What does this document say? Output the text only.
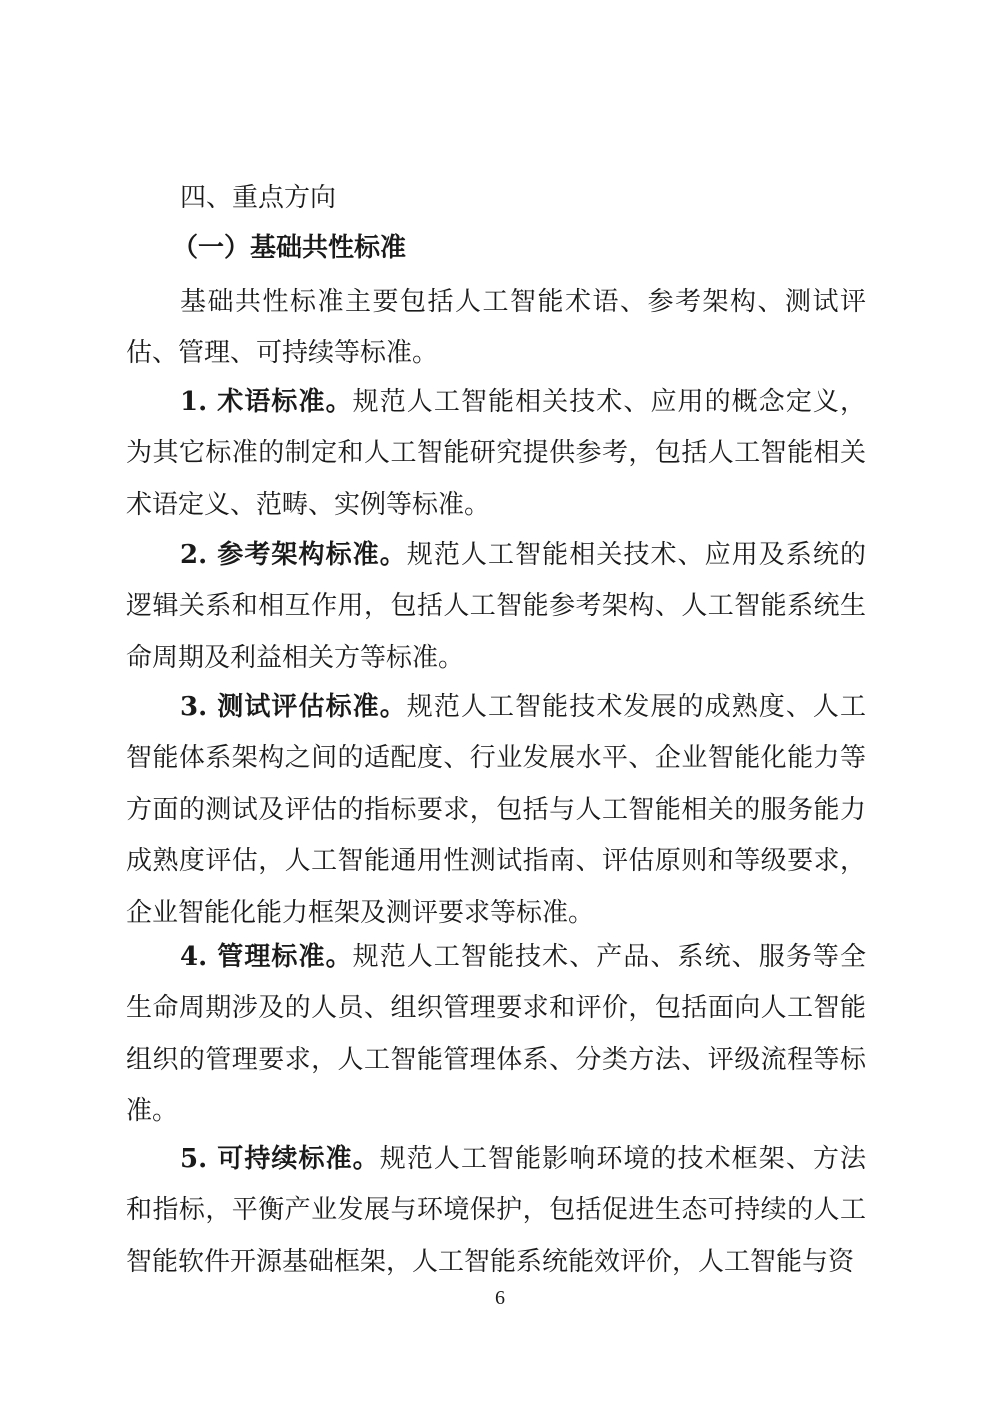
四、重点方向
（一）基础共性标准

基础共性标准主要包括人工智能术语、参考架构、测试评估、管理、可持续等标准。

1. 术语标准。规范人工智能相关技术、应用的概念定义，为其它标准的制定和人工智能研究提供参考，包括人工智能相关术语定义、范畴、实例等标准。

2. 参考架构标准。规范人工智能相关技术、应用及系统的逻辑关系和相互作用，包括人工智能参考架构、人工智能系统生命周期及利益相关方等标准。

3. 测试评估标准。规范人工智能技术发展的成熟度、人工智能体系架构之间的适配度、行业发展水平、企业智能化能力等方面的测试及评估的指标要求，包括与人工智能相关的服务能力成熟度评估，人工智能通用性测试指南、评估原则和等级要求，企业智能化能力框架及测评要求等标准。

4. 管理标准。规范人工智能技术、产品、系统、服务等全生命周期涉及的人员、组织管理要求和评价，包括面向人工智能组织的管理要求，人工智能管理体系、分类方法、评级流程等标准。

5. 可持续标准。规范人工智能影响环境的技术框架、方法和指标，平衡产业发展与环境保护，包括促进生态可持续的人工智能软件开源基础框架，人工智能系统能效评价，人工智能与资

6
